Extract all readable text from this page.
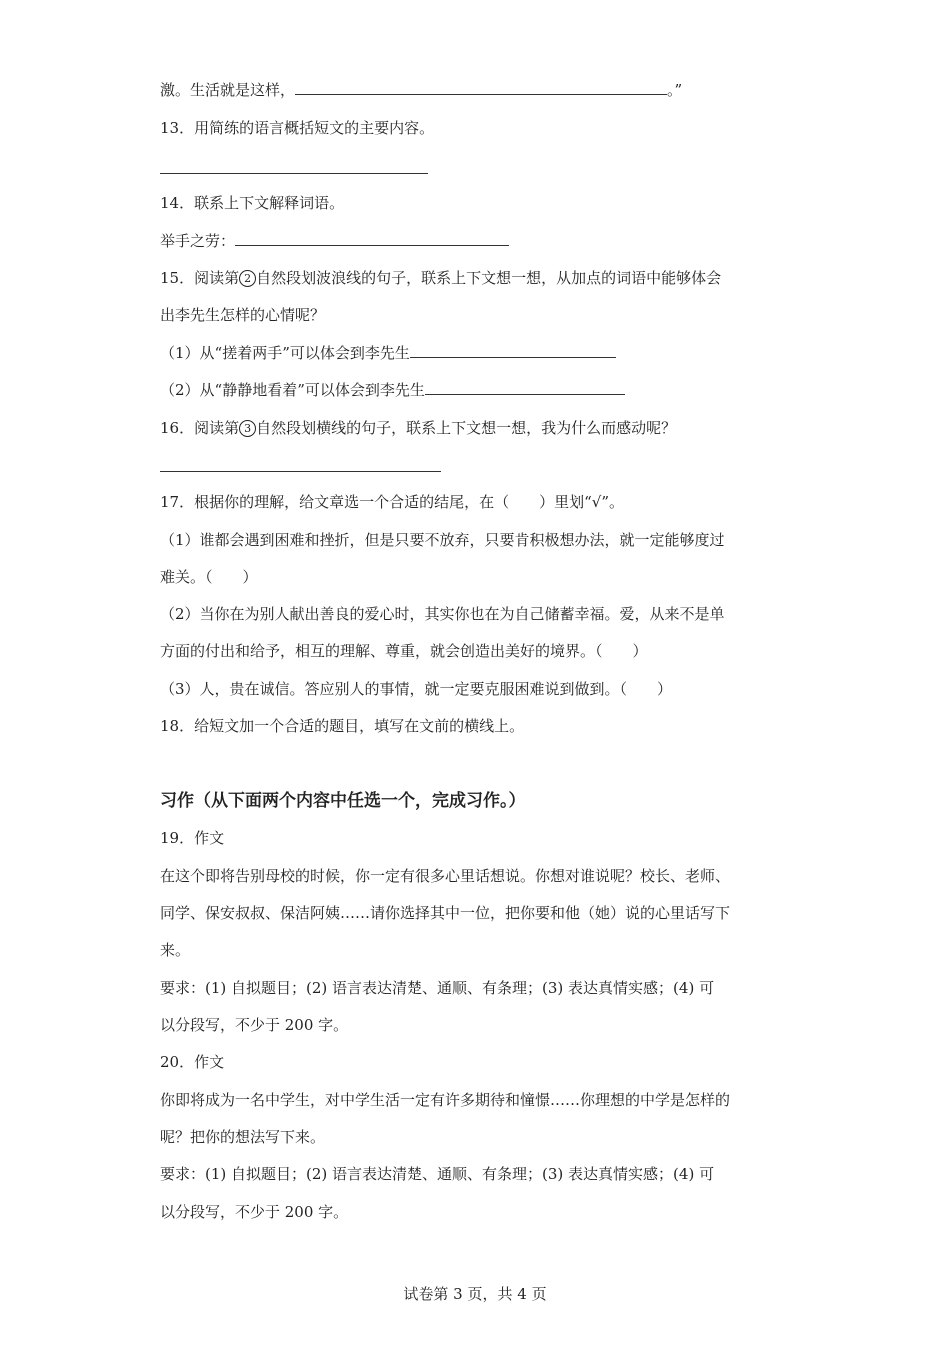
激。生活就是这样，	。”
13．用简练的语言概括短文的主要内容。
14．联系上下文解释词语。
举手之劳：
15．阅读第 2 自然段划波浪线的句子，联系上下文想一想，从加点的词语中能够体会
出李先生怎样的心情呢？
（1）从“搓着两手”可以体会到李先生
（2）从“静静地看着”可以体会到李先生
16．阅读第 3 自然段划横线的句子，联系上下文想一想，我为什么而感动呢？
17．根据你的理解，给文章选一个合适的结尾，在（　　）里划“√”。
（1）谁都会遇到困难和挫折，但是只要不放弃，只要肯积极想办法，就一定能够度过
难关。（　　）
（2）当你在为别人献出善良的爱心时，其实你也在为自己储蓄幸福。爱，从来不是单
方面的付出和给予，相互的理解、尊重，就会创造出美好的境界。（　　）
（3）人，贵在诚信。答应别人的事情，就一定要克服困难说到做到。（　　）
18．给短文加一个合适的题目，填写在文前的横线上。
习作（从下面两个内容中任选一个，完成习作。）
19．作文
在这个即将告别母校的时候，你一定有很多心里话想说。你想对谁说呢？校长、老师、
同学、保安叔叔、保洁阿姨……请你选择其中一位，把你要和他（她）说的心里话写下
来。
要求：(1) 自拟题目；(2) 语言表达清楚、通顺、有条理；(3) 表达真情实感；(4) 可
以分段写，不少于 200 字。
20．作文
你即将成为一名中学生，对中学生活一定有许多期待和憧憬……你理想的中学是怎样的
呢？把你的想法写下来。
要求：(1) 自拟题目；(2) 语言表达清楚、通顺、有条理；(3) 表达真情实感；(4) 可
以分段写，不少于 200 字。
试卷第 3 页，共 4 页
